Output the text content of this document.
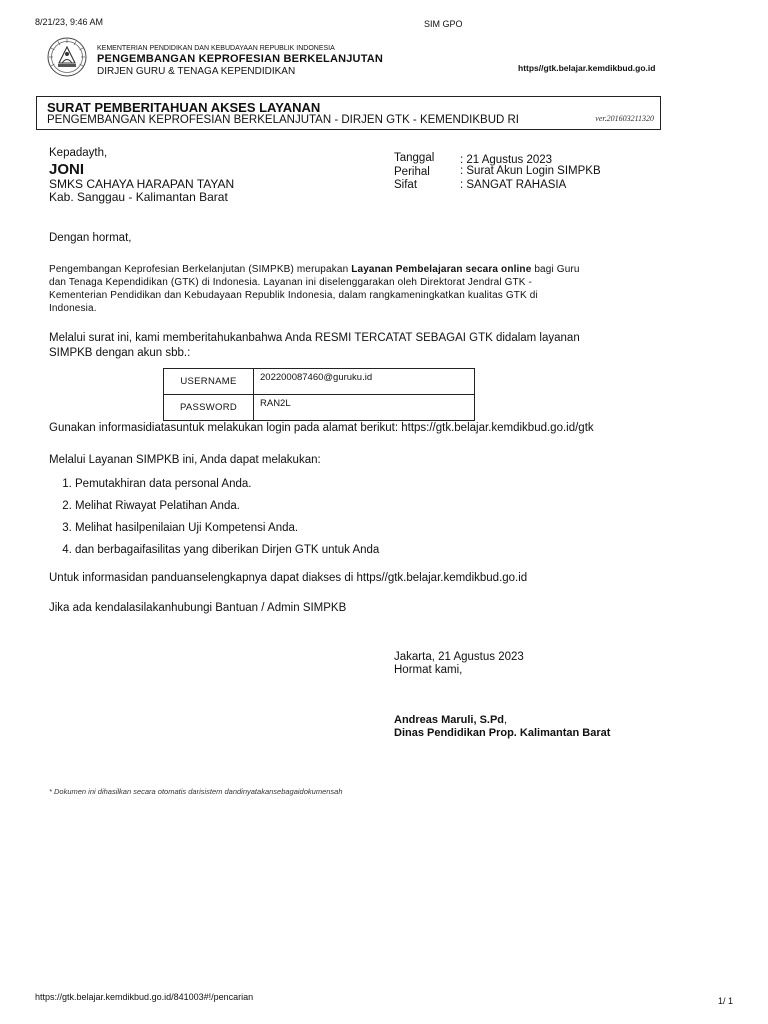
8/21/23, 9:46 AM	SIM GPO
KEMENTERIAN PENDIDIKAN DAN KEBUDAYAAN REPUBLIK INDONESIA
PENGEMBANGAN KEPROFESIAN BERKELANJUTAN
DIRJEN GURU & TENAGA KEPENDIDIKAN	https//gtk.belajar.kemdikbud.go.id
SURAT PEMBERITAHUAN AKSES LAYANAN
PENGEMBANGAN KEPROFESIAN BERKELANJUTAN - DIRJEN GTK - KEMENDIKBUD RI	ver.201603211320
Kepadayth,
JONI
SMKS CAHAYA HARAPAN TAYAN
Kab. Sanggau - Kalimantan Barat
Tanggal : 21 Agustus 2023
Perihal	: Surat Akun Login SIMPKB
Sifat	: SANGAT RAHASIA
Dengan hormat,
Pengembangan Keprofesian Berkelanjutan (SIMPKB) merupakan Layanan Pembelajaran secara online bagi Guru
dan Tenaga Kependidikan (GTK) di Indonesia. Layanan ini diselenggarakan oleh Direktorat Jendral GTK -
Kementerian Pendidikan dan Kebudayaan Republik Indonesia, dalam rangkameningkatkan kualitas GTK di
Indonesia.
Melalui surat ini, kami memberitahukanbahwa Anda RESMI TERCATAT SEBAGAI GTK didalam layanan
SIMPKB dengan akun sbb.:
USERNAME	202200087460@guruku.id
PASSWORD	RAN2L
Gunakan informasidiatasuntuk melakukan login pada alamat berikut: https://gtk.belajar.kemdikbud.go.id/gtk
Melalui Layanan SIMPKB ini, Anda dapat melakukan:
1. Pemutakhiran data personal Anda.
2. Melihat Riwayat Pelatihan Anda.
3. Melihat hasilpenilaian Uji Kompetensi Anda.
4. dan berbagaifasilitas yang diberikan Dirjen GTK untuk Anda
Untuk informasidan panduanselengkapnya dapat diakses di https//gtk.belajar.kemdikbud.go.id
Jika ada kendalasilakanhubungi Bantuan / Admin SIMPKB
Jakarta, 21 Agustus 2023
Hormat kami,
Andreas Maruli, S.Pd,
Dinas Pendidikan Prop. Kalimantan Barat
* Dokumen ini dihasilkan secara otomatis darisistem dandinyatakansebagaidokumensah
https://gtk.belajar.kemdikbud.go.id/841003#!/pencarian	1/ 1
